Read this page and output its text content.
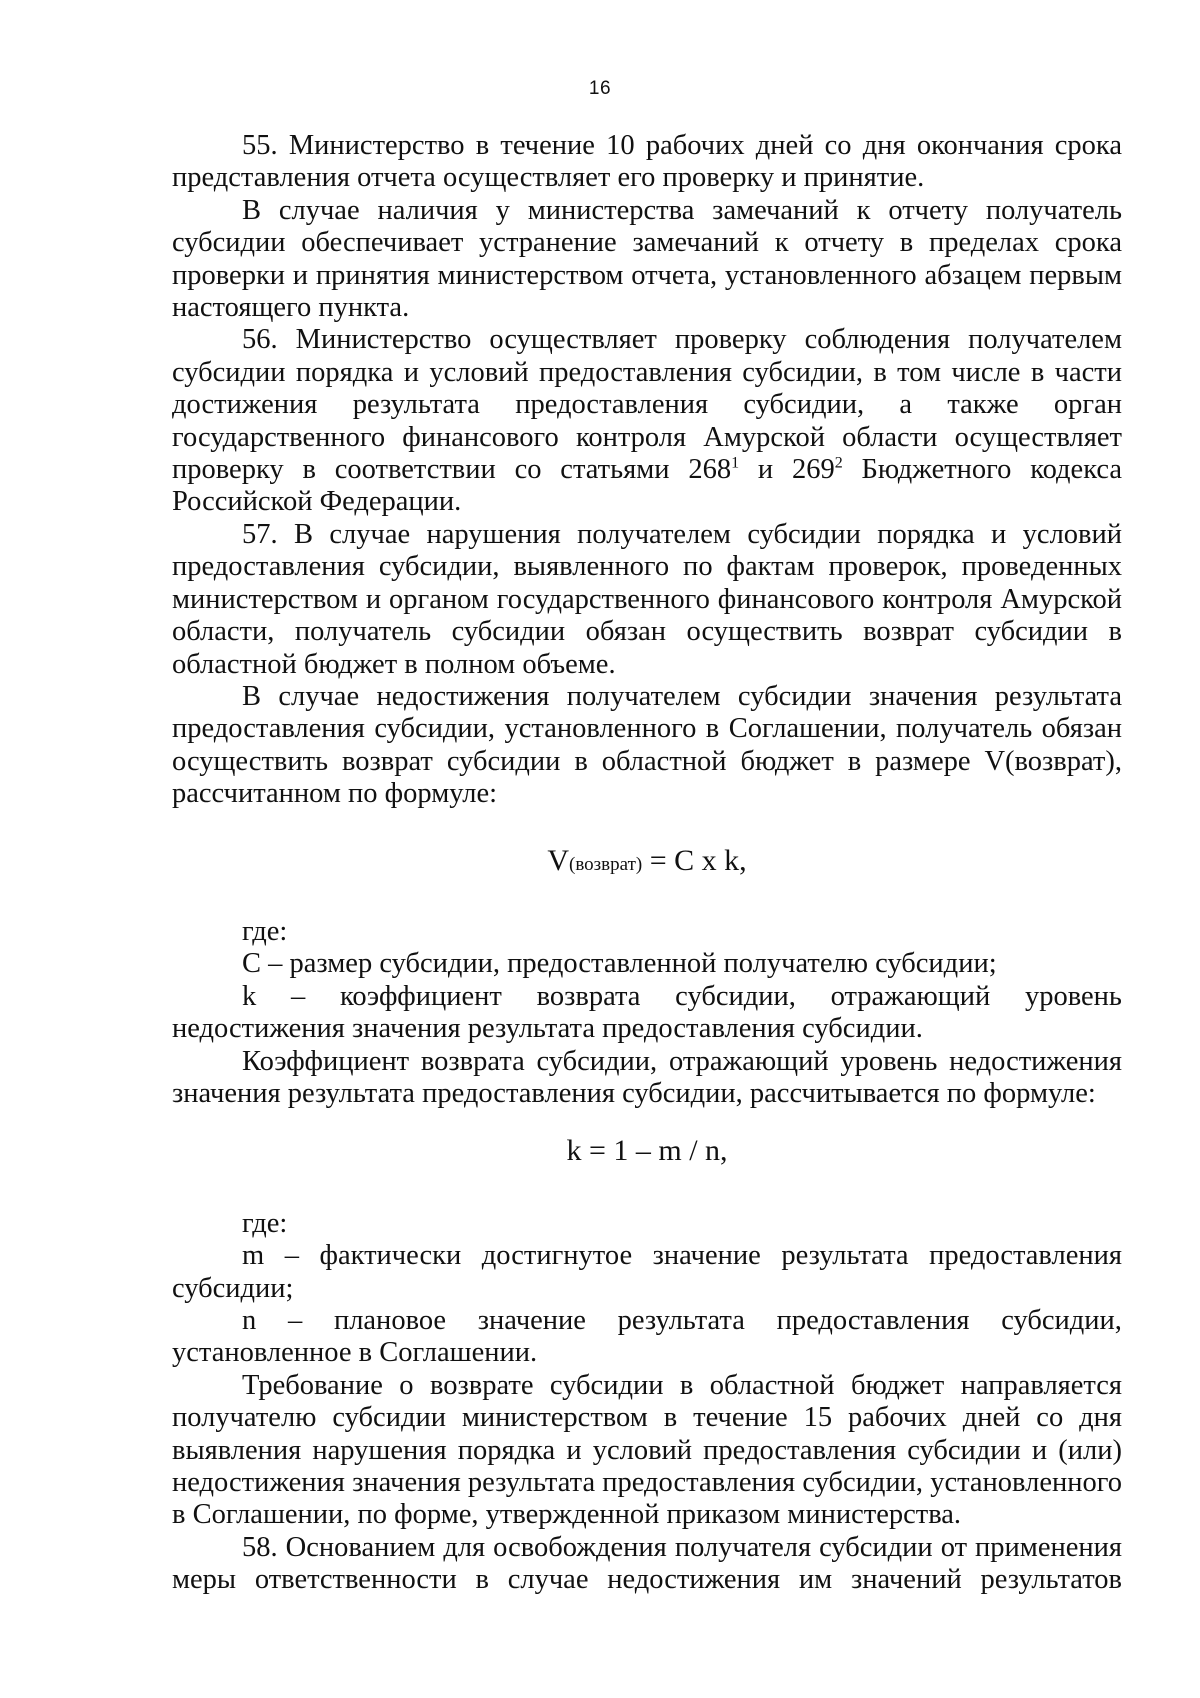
16

55. Министерство в течение 10 рабочих дней со дня окончания срока представления отчета осуществляет его проверку и принятие.

В случае наличия у министерства замечаний к отчету получатель субсидии обеспечивает устранение замечаний к отчету в пределах срока проверки и принятия министерством отчета, установленного абзацем первым настоящего пункта.

56. Министерство осуществляет проверку соблюдения получателем субсидии порядка и условий предоставления субсидии, в том числе в части достижения результата предоставления субсидии, а также орган государственного финансового контроля Амурской области осуществляет проверку в соответствии со статьями $268^1$ и $269^2$ Бюджетного кодекса Российской Федерации.

57. В случае нарушения получателем субсидии порядка и условий предоставления субсидии, выявленного по фактам проверок, проведенных министерством и органом государственного финансового контроля Амурской области, получатель субсидии обязан осуществить возврат субсидии в областной бюджет в полном объеме.

В случае недостижения получателем субсидии значения результата предоставления субсидии, установленного в Соглашении, получатель обязан осуществить возврат субсидии в областной бюджет в размере V(возврат), рассчитанном по формуле:

V(возврат) = C x k,

где:

C – размер субсидии, предоставленной получателю субсидии;

k – коэффициент возврата субсидии, отражающий уровень

недостижения значения результата предоставления субсидии.

Коэффициент возврата субсидии, отражающий уровень недостижения значения результата предоставления субсидии, рассчитывается по формуле:

k = 1 – m / n,

где:

m – фактически достигнутое значение результата предоставления

субсидии;

n – плановое значение результата предоставления субсидии,

установленное в Соглашении.

Требование о возврате субсидии в областной бюджет направляется получателю субсидии министерством в течение 15 рабочих дней со дня выявления нарушения порядка и условий предоставления субсидии и (или) недостижения значения результата предоставления субсидии, установленного в Соглашении, по форме, утвержденной приказом министерства.

58. Основанием для освобождения получателя субсидии от применения меры ответственности в случае недостижения им значений результатов
